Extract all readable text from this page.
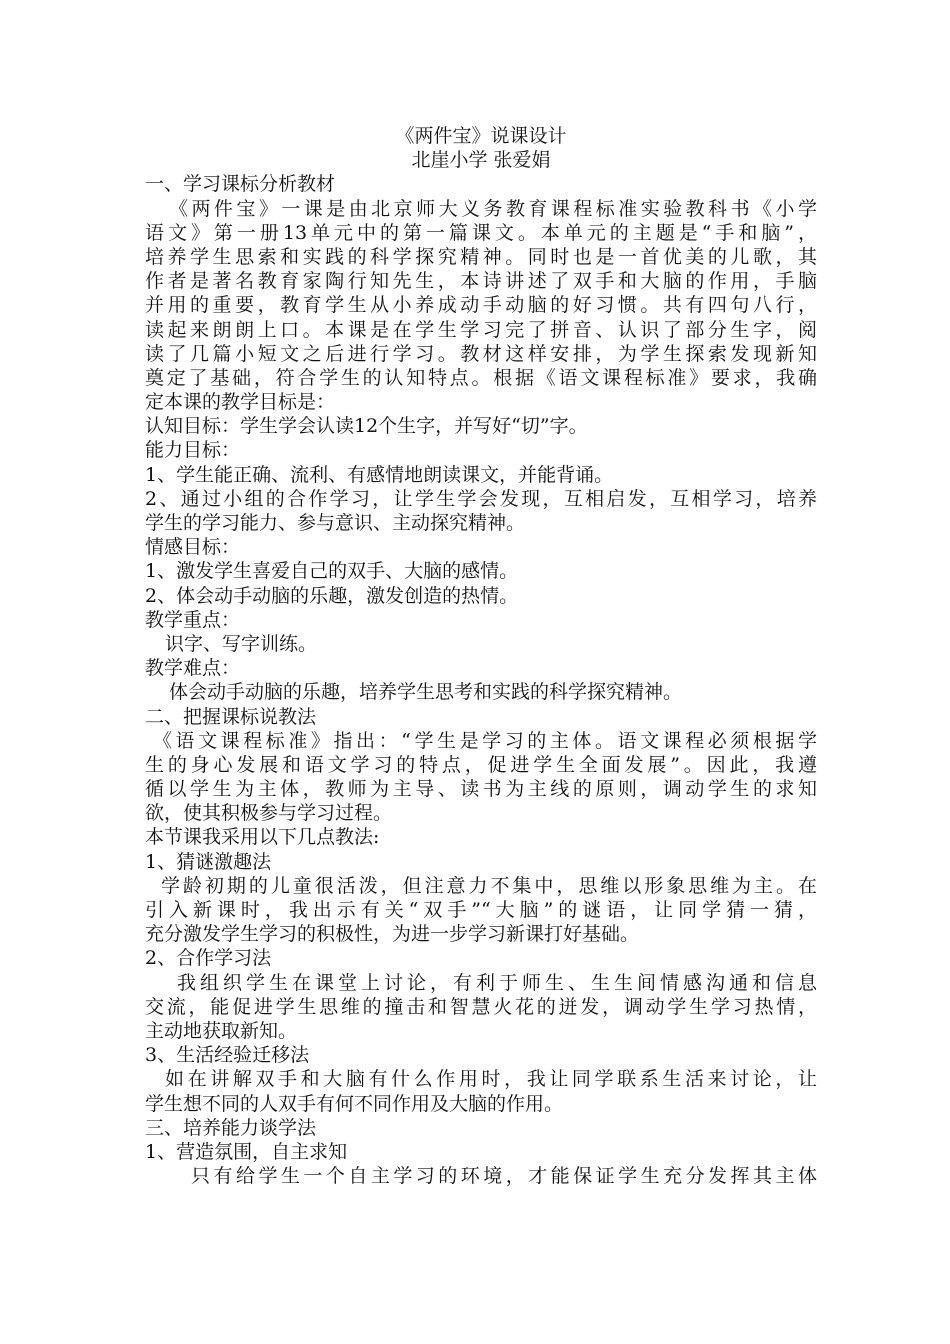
《两件宝》说课设计
北崖小学 张爱娟
一、学习课标分析教材
《两件宝》一课是由北京师大义务教育课程标准实验教科书《小学
语文》第一册13单元中的第一篇课文。本单元的主题是“手和脑”，
培养学生思索和实践的科学探究精神。同时也是一首优美的儿歌，其
作者是著名教育家陶行知先生，本诗讲述了双手和大脑的作用，手脑
并用的重要，教育学生从小养成动手动脑的好习惯。共有四句八行，
读起来朗朗上口。本课是在学生学习完了拼音、认识了部分生字，阅
读了几篇小短文之后进行学习。教材这样安排，为学生探索发现新知
奠定了基础，符合学生的认知特点。根据《语文课程标准》要求，我确
定本课的教学目标是：
认知目标：学生学会认读12个生字，并写好“切”字。
能力目标：
1、学生能正确、流利、有感情地朗读课文，并能背诵。
2、通过小组的合作学习，让学生学会发现，互相启发，互相学习，培养
学生的学习能力、参与意识、主动探究精神。
情感目标：
1、激发学生喜爱自己的双手、大脑的感情。
2、体会动手动脑的乐趣，激发创造的热情。
教学重点：
识字、写字训练。
教学难点：
体会动手动脑的乐趣，培养学生思考和实践的科学探究精神。
二、把握课标说教法
《语文课程标准》指出：“学生是学习的主体。语文课程必须根据学
生的身心发展和语文学习的特点，促进学生全面发展”。因此，我遵
循以学生为主体，教师为主导、读书为主线的原则，调动学生的求知
欲，使其积极参与学习过程。
本节课我采用以下几点教法:
1、猜谜激趣法
学龄初期的儿童很活泼，但注意力不集中，思维以形象思维为主。在
引入新课时，我出示有关“双手”“大脑”的谜语，让同学猜一猜，
充分激发学生学习的积极性，为进一步学习新课打好基础。
2、合作学习法
我组织学生在课堂上讨论，有利于师生、生生间情感沟通和信息
交流，能促进学生思维的撞击和智慧火花的迸发，调动学生学习热情，
主动地获取新知。
3、生活经验迁移法
如在讲解双手和大脑有什么作用时，我让同学联系生活来讨论，让
学生想不同的人双手有何不同作用及大脑的作用。
三、培养能力谈学法
1、营造氛围，自主求知
只有给学生一个自主学习的环境，才能保证学生充分发挥其主体
